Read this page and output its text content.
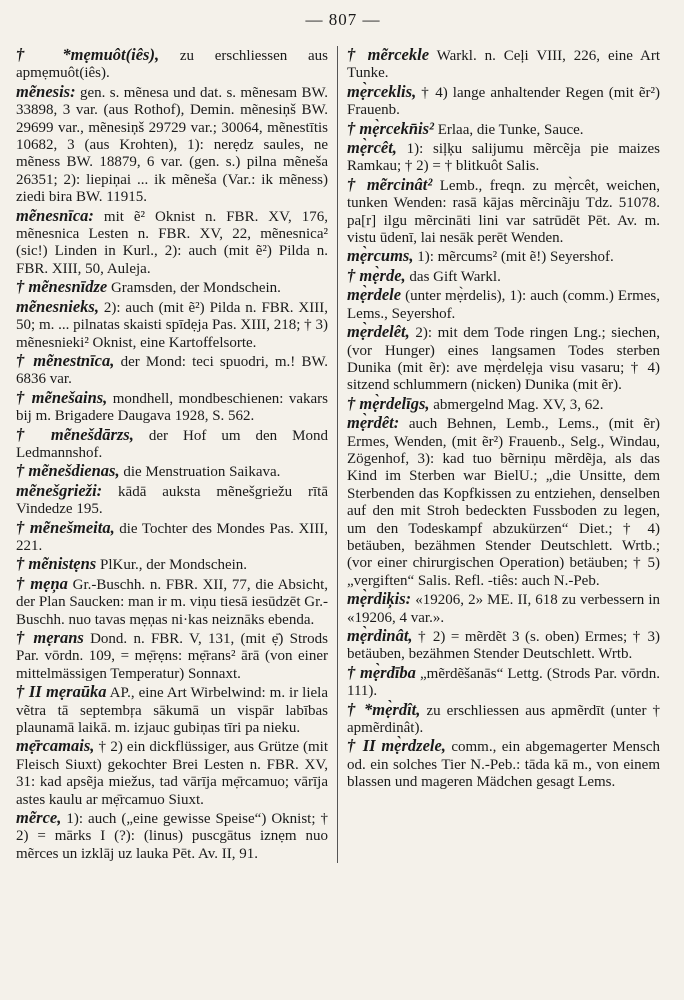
— 807 —

† *mẹmuôt(iês), zu erschliessen aus apmẹmuôt(iês).

mẽnesis: gen. s. mẽnesa und dat. s. mẽnesam BW. 33898, 3 var. (aus Rothof), Demin. mẽnesiņš BW. 29699 var., mẽnesiņš 29729 var.; 30064, mẽnestītis 10682, 3 (aus Krohten), 1): nerẹdz saules, ne mẽness BW. 18879, 6 var. (gen. s.) pilna mẽneša 26351; 2): liepiņai ... ik mẽneša (Var.: ik mẽness) ziedi bira BW. 11915.

mẽnesnīca: mit ẽ² Oknist n. FBR. XV, 176, mẽnesnica Lesten n. FBR. XV, 22, mẽnesnica² (sic!) Linden in Kurl., 2): auch (mit ẽ²) Pilda n. FBR. XIII, 50, Auleja.

† mẽnesnīdze Gramsden, der Mondschein.

mẽnesnieks, 2): auch (mit ẽ²) Pilda n. FBR. XIII, 50; m. ... pilnatas skaisti spīdẹja Pas. XIII, 218; † 3) mẽnesnieki² Oknist, eine Kartoffelsorte.

† mẽnestnīca, der Mond: teci spuodri, m.! BW. 6836 var.

† mẽnešains, mondhell, mondbeschienen: vakars bij m. Brigadere Daugava 1928, S. 562.

† mẽnešdārzs, der Hof um den Mond Ledmannshof.

† mẽnešdienas, die Menstruation Saikava.

mẽnešgrieži: kādā auksta mẽnešgriežu rītā Vindedze 195.

† mẽnešmeita, die Tochter des Mondes Pas. XIII, 221.

† mẽnistẹns PlKur., der Mondschein.

† mẹņa Gr.-Buschh. n. FBR. XII, 77, die Absicht, der Plan Saucken: man ir m. viņu tiesā iesūdzēt Gr.-Buschh. nuo tavas mẹņas ni·kas neiznāks ebenda.

† mẹrans Dond. n. FBR. V, 131, (mit ẹ̄) Strods Par. vōrdn. 109, = mẹ̄rẹns: mẹ̄rans² ārā (von einer mittelmässigen Temperatur) Sonnaxt.

† II mẹraūka AP., eine Art Wirbelwind: m. ir liela vẽtra tā septembŗa sākumā un vispār labības plaunamā laikā. m. izjauc gubiņas tīri pa nieku.

mẹ̄rcamais, † 2) ein dickflüssiger, aus Grütze (mit Fleisch Siuxt) gekochter Brei Lesten n. FBR. XV, 31: kad apsẽja miežus, tad vārīja mẹ̄rcamuo; vārīja astes kaulu ar mẹ̄rcamuo Siuxt.

mẽrce, 1): auch („eine gewisse Speise“) Oknist; † 2) = mārks I (?): (linus) puscgātus iznẹm nuo mẽrces un izklāj uz lauka Pēt. Av. II, 91.

† mẽrcekle Warkl. n. Ceļi VIII, 226, eine Art Tunke.

mẹ̀rceklis, † 4) lange anhaltender Regen (mit ẽr²) Frauenb.

† mẹ̀rcekn̄is² Erlaa, die Tunke, Sauce.

mẹ̀rcêt, 1): siļķu salijumu mẽrcẽja pie maizes Ramkau; † 2) = † blitkuôt Salis.

† mẽrcinât² Lemb., freqn. zu mẹ̀rcêt, weichen, tunken Wenden: rasā kājas mẽrcinãju Tdz. 51078. pa[r] ilgu mẽrcināti lini var satrūdēt Pēt. Av. m. vistu ūdenī, lai nesāk perēt Wenden.

mẹ̀rcums, 1): mẽrcums² (mit ẽ!) Seyershof.

† mẹ̀rde, das Gift Warkl.

mẹ̀rdele (unter mẹ̀rdelis), 1): auch (comm.) Ermes, Lems., Seyershof.

mẹ̀rdelêt, 2): mit dem Tode ringen Lng.; siechen, (vor Hunger) eines langsamen Todes sterben Dunika (mit ẽr): ave mẹ̀rdelẹja visu vasaru; † 4) sitzend schlummern (nicken) Dunika (mit ẽr).

† mẹ̀rdelīgs, abmergelnd Mag. XV, 3, 62.

mẹ̀rdêt: auch Behnen, Lemb., Lems., (mit ẽr) Ermes, Wenden, (mit ẽr²) Frauenb., Selg., Windau, Zögenhof, 3): kad tuo bẽrniņu mẽrdẽja, als das Kind im Sterben war BielU.; „die Unsitte, dem Sterbenden das Kopfkissen zu entziehen, denselben auf den mit Stroh bedeckten Fussboden zu legen, um den Todeskampf abzukürzen“ Diet.; † 4) betäuben, bezähmen Stender Deutschlett. Wrtb.; (vor einer chirurgischen Operation) betäuben; † 5) „vergiften“ Salis. Refl. -tiês: auch N.-Peb.

mẹ̀rdiķis: «19206, 2» ME. II, 618 zu verbessern in «19206, 4 var.».

mẹ̀rdinât, † 2) = mẽrdẽt 3 (s. oben) Ermes; † 3) betäuben, bezähmen Stender Deutschlett. Wrtb.

† mẹ̀rdība „mẽrdẽšanās“ Lettg. (Strods Par. vōrdn. 111).

† *mẹ̀rdît, zu erschliessen aus apmẽrdīt (unter † apmẽrdinât).

† II mẹ̀rdzele, comm., ein abgemagerter Mensch od. ein solches Tier N.-Peb.: tāda kā m., von einem blassen und mageren Mädchen gesagt Lems.
